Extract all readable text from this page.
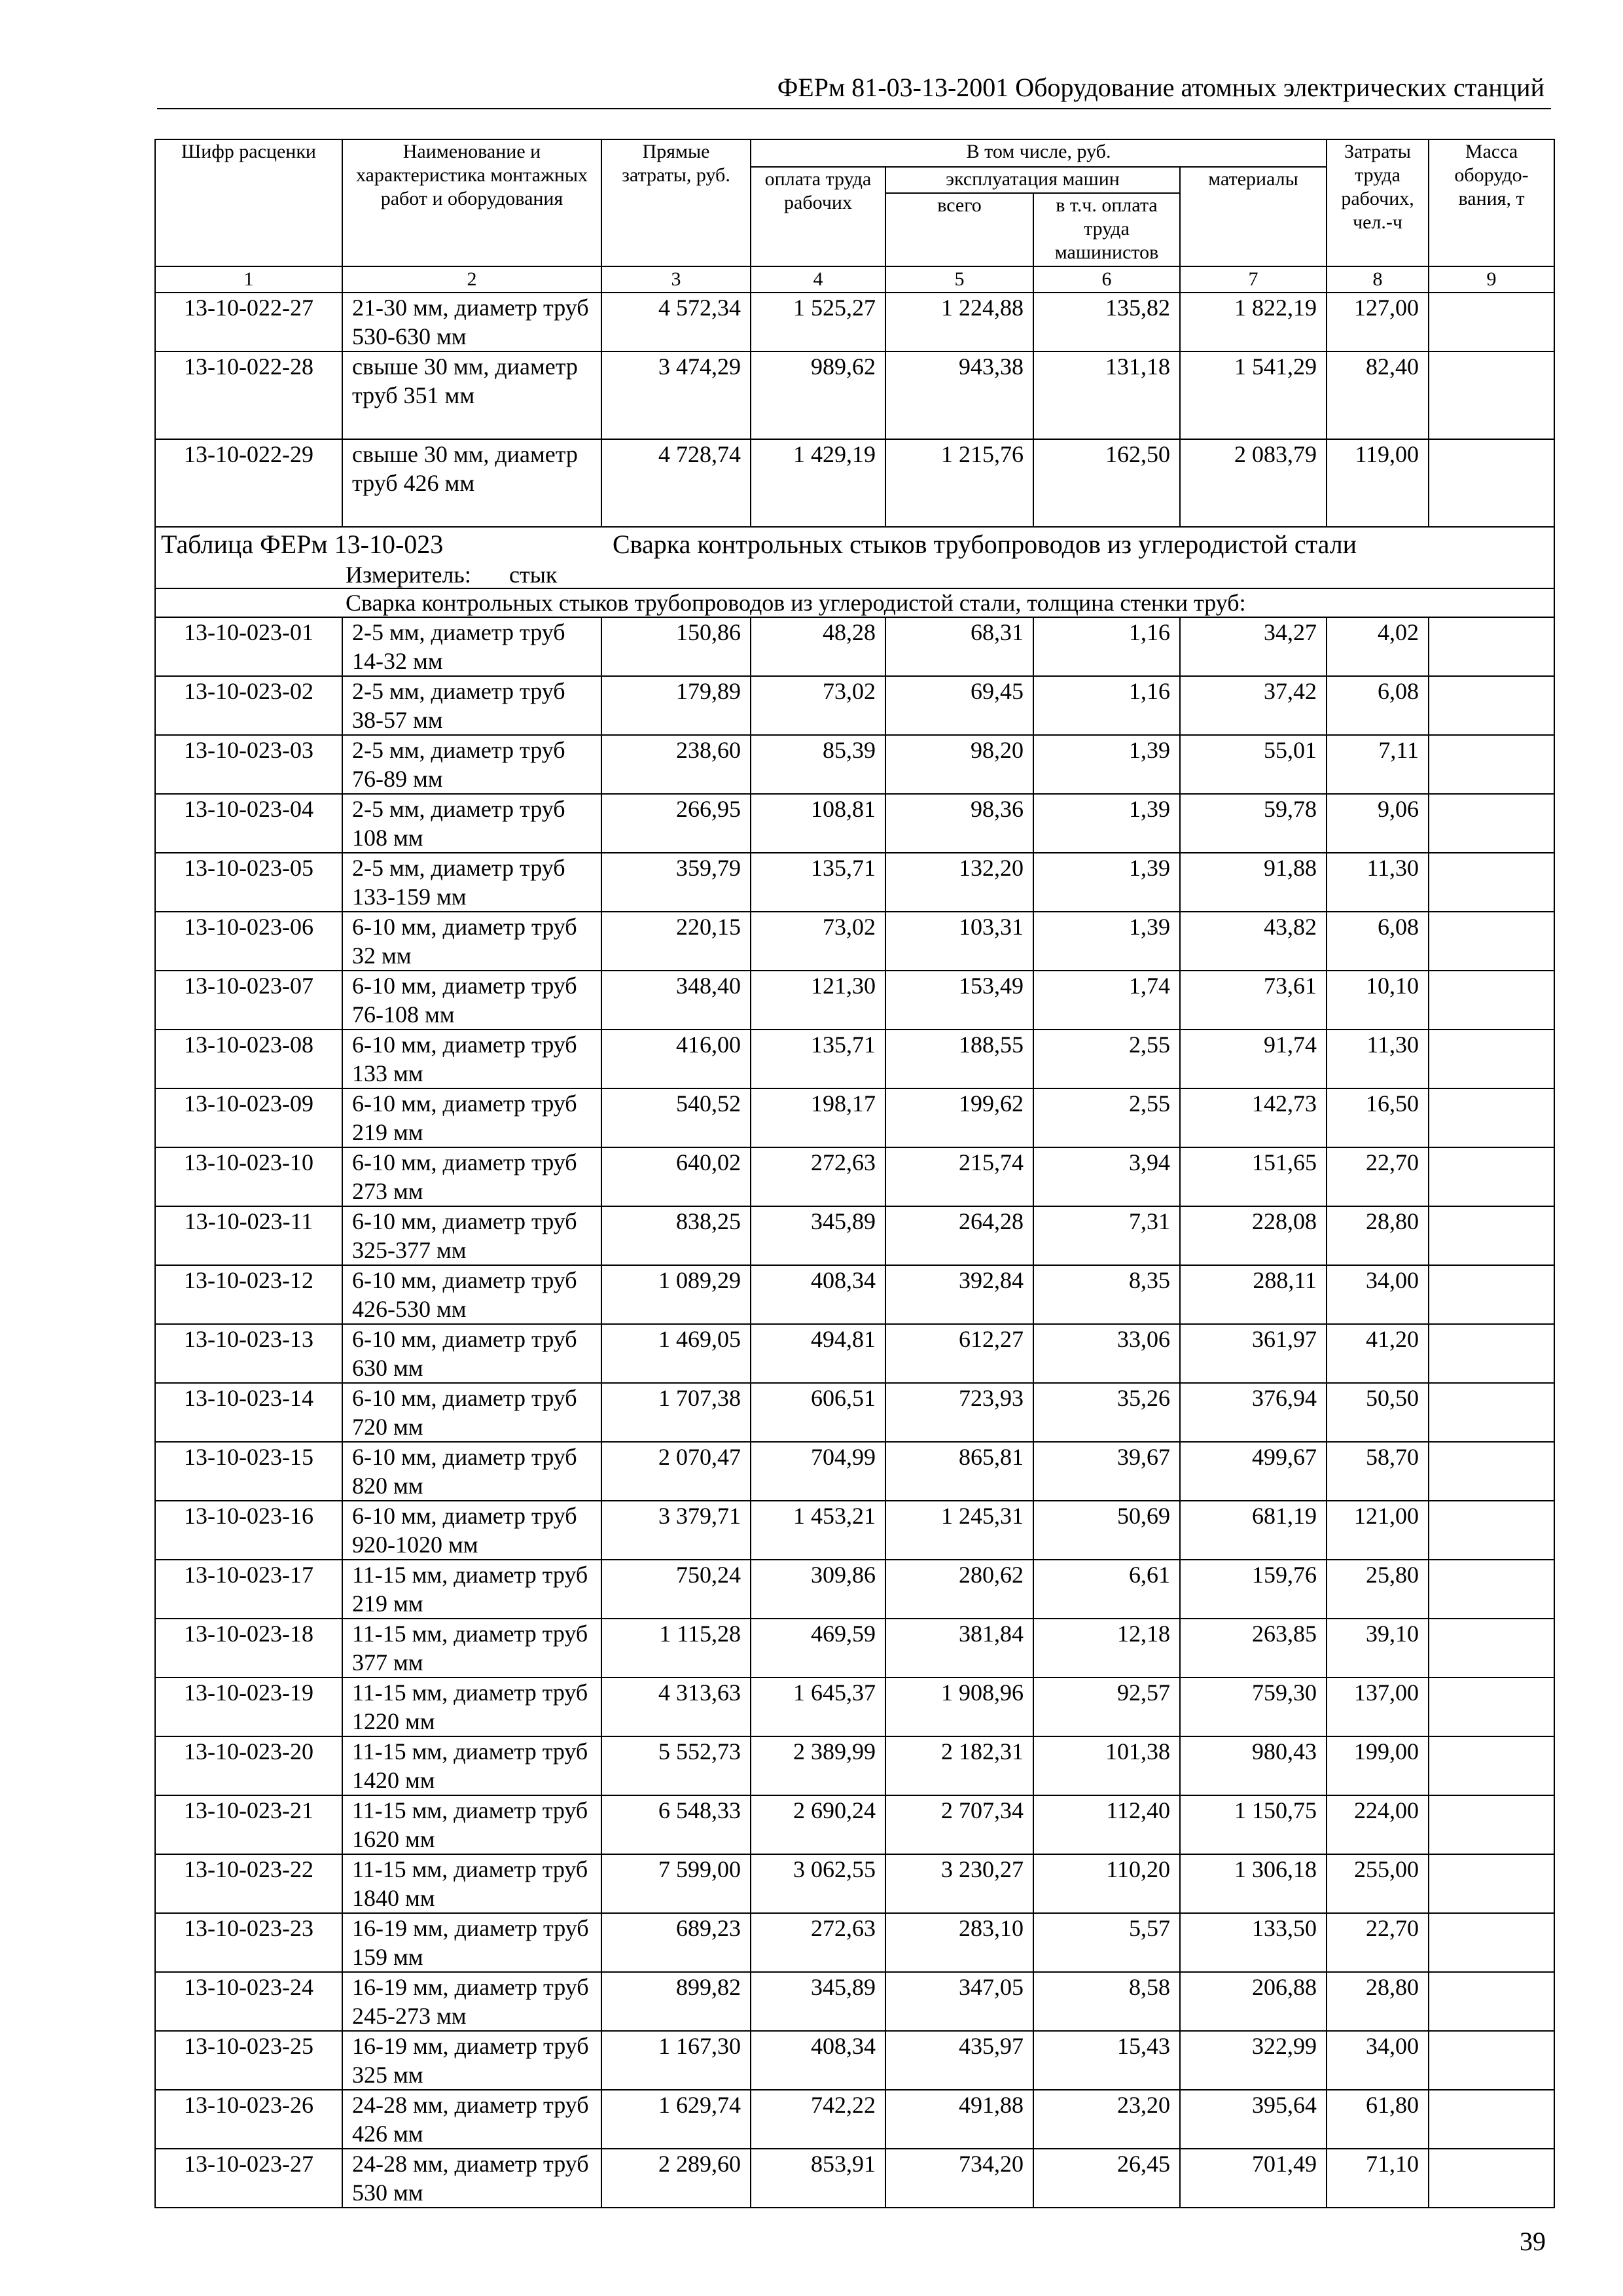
ФЕРм 81-03-13-2001 Оборудование атомных электрических станций
Шифр расценки	Наименование и характеристика монтажных работ и оборудования	Прямые затраты, руб.	В том числе, руб.				Затраты труда рабочих, чел.-ч	Масса оборудо-вания, т
			оплата труда рабочих	эксплуатация машин		материалы		
				всего	в т.ч. оплата труда машинистов			
1	2	3	4	5	6	7	8	9
13-10-022-27	21-30 мм, диаметр труб 530-630 мм	4 572,34	1 525,27	1 224,88	135,82	1 822,19	127,00	
13-10-022-28	свыше 30 мм, диаметр труб 351 мм	3 474,29	989,62	943,38	131,18	1 541,29	82,40	
13-10-022-29	свыше 30 мм, диаметр труб 426 мм	4 728,74	1 429,19	1 215,76	162,50	2 083,79	119,00	
Таблица ФЕРм 13-10-023 Сварка контрольных стыков трубопроводов из углеродистой стали								
Измеритель: стык								
Сварка контрольных стыков трубопроводов из углеродистой стали, толщина стенки труб:								
13-10-023-01	2-5 мм, диаметр труб 14-32 мм	150,86	48,28	68,31	1,16	34,27	4,02	
13-10-023-02	2-5 мм, диаметр труб 38-57 мм	179,89	73,02	69,45	1,16	37,42	6,08	
13-10-023-03	2-5 мм, диаметр труб 76-89 мм	238,60	85,39	98,20	1,39	55,01	7,11	
13-10-023-04	2-5 мм, диаметр труб 108 мм	266,95	108,81	98,36	1,39	59,78	9,06	
13-10-023-05	2-5 мм, диаметр труб 133-159 мм	359,79	135,71	132,20	1,39	91,88	11,30	
13-10-023-06	6-10 мм, диаметр труб 32 мм	220,15	73,02	103,31	1,39	43,82	6,08	
13-10-023-07	6-10 мм, диаметр труб 76-108 мм	348,40	121,30	153,49	1,74	73,61	10,10	
13-10-023-08	6-10 мм, диаметр труб 133 мм	416,00	135,71	188,55	2,55	91,74	11,30	
13-10-023-09	6-10 мм, диаметр труб 219 мм	540,52	198,17	199,62	2,55	142,73	16,50	
13-10-023-10	6-10 мм, диаметр труб 273 мм	640,02	272,63	215,74	3,94	151,65	22,70	
13-10-023-11	6-10 мм, диаметр труб 325-377 мм	838,25	345,89	264,28	7,31	228,08	28,80	
13-10-023-12	6-10 мм, диаметр труб 426-530 мм	1 089,29	408,34	392,84	8,35	288,11	34,00	
13-10-023-13	6-10 мм, диаметр труб 630 мм	1 469,05	494,81	612,27	33,06	361,97	41,20	
13-10-023-14	6-10 мм, диаметр труб 720 мм	1 707,38	606,51	723,93	35,26	376,94	50,50	
13-10-023-15	6-10 мм, диаметр труб 820 мм	2 070,47	704,99	865,81	39,67	499,67	58,70	
13-10-023-16	6-10 мм, диаметр труб 920-1020 мм	3 379,71	1 453,21	1 245,31	50,69	681,19	121,00	
13-10-023-17	11-15 мм, диаметр труб 219 мм	750,24	309,86	280,62	6,61	159,76	25,80	
13-10-023-18	11-15 мм, диаметр труб 377 мм	1 115,28	469,59	381,84	12,18	263,85	39,10	
13-10-023-19	11-15 мм, диаметр труб 1220 мм	4 313,63	1 645,37	1 908,96	92,57	759,30	137,00	
13-10-023-20	11-15 мм, диаметр труб 1420 мм	5 552,73	2 389,99	2 182,31	101,38	980,43	199,00	
13-10-023-21	11-15 мм, диаметр труб 1620 мм	6 548,33	2 690,24	2 707,34	112,40	1 150,75	224,00	
13-10-023-22	11-15 мм, диаметр труб 1840 мм	7 599,00	3 062,55	3 230,27	110,20	1 306,18	255,00	
13-10-023-23	16-19 мм, диаметр труб 159 мм	689,23	272,63	283,10	5,57	133,50	22,70	
13-10-023-24	16-19 мм, диаметр труб 245-273 мм	899,82	345,89	347,05	8,58	206,88	28,80	
13-10-023-25	16-19 мм, диаметр труб 325 мм	1 167,30	408,34	435,97	15,43	322,99	34,00	
13-10-023-26	24-28 мм, диаметр труб 426 мм	1 629,74	742,22	491,88	23,20	395,64	61,80	
13-10-023-27	24-28 мм, диаметр труб 530 мм	2 289,60	853,91	734,20	26,45	701,49	71,10	
39
